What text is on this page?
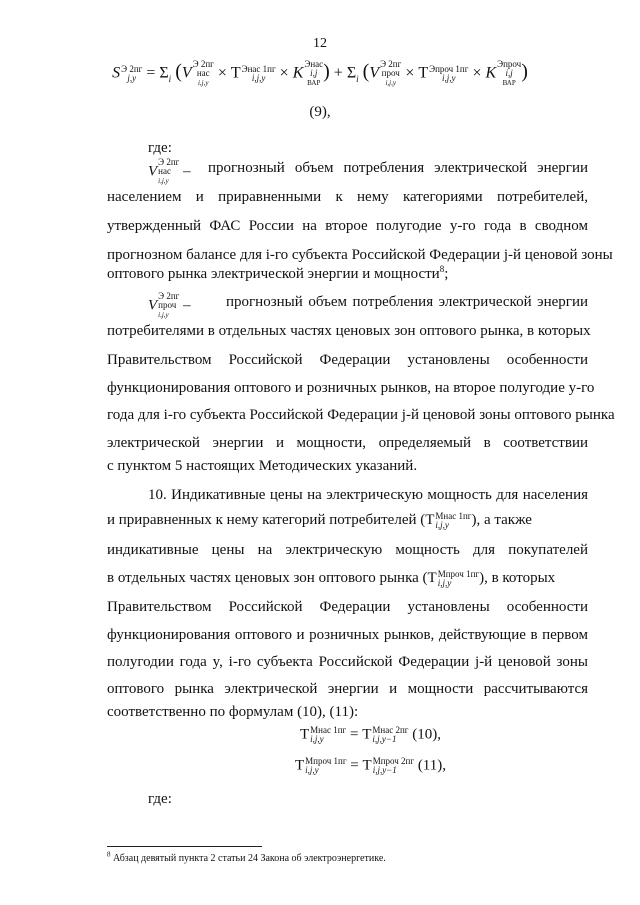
12
S Э 2пг
$j,y = \Sigma_i$ (V
Э 2пг
нас
i,j,y
× Т Энас 1пг
i,j,y × K
Энас
i,j
ВАР
) + $\Sigma_i$ (V
Э 2пг
проч
i,j,y
× Т Эпроч 1пг
i,j,y	× K
Эпроч
i,j
ВАР
)
(9),
где:
V
Э 2пг
нас
i,j,y
– прогнозный объем потребления электрической энергии
населением и приравненными к нему категориями потребителей,
утвержденный ФАС России на второе полугодие y-го года в сводном
прогнозном балансе для i-го субъекта Российской Федерации j-й ценовой зоны
оптового рынка электрической энергии и мощности$^8$;
V
Э 2пг
проч
i,j,y
– прогнозный объем потребления электрической энергии
потребителями в отдельных частях ценовых зон оптового рынка, в которых
Правительством Российской Федерации установлены особенности
функционирования оптового и розничных рынков, на второе полугодие y-го
года для i-го субъекта Российской Федерации j-й ценовой зоны оптового рынка
электрической энергии и мощности, определяемый в соответствии
с пунктом 5 настоящих Методических указаний.
10. Индикативные цены на электрическую мощность для населения
и приравненных к нему категорий потребителей (Т Мнас 1пг
i,j,y	), а также
индикативные цены на электрическую мощность для покупателей
в отдельных частях ценовых зон оптового рынка (Т Мпроч 1пг
i,j,y	), в которых
Правительством Российской Федерации установлены особенности
функционирования оптового и розничных рынков, действующие в первом
полугодии года y, i-го субъекта Российской Федерации j-й ценовой зоны
оптового рынка электрической энергии и мощности рассчитываются
соответственно по формулам (10), (11):
Т Мнас 1пг
i,j,y	= Т Мнас 2пг
i,j,y−1	(10),
Т Мпроч 1пг
i,j,y	= Т Мпроч 2пг
i,j,y−1	(11),
где:
$^8$ Абзац девятый пункта 2 статьи 24 Закона об электроэнергетике.
